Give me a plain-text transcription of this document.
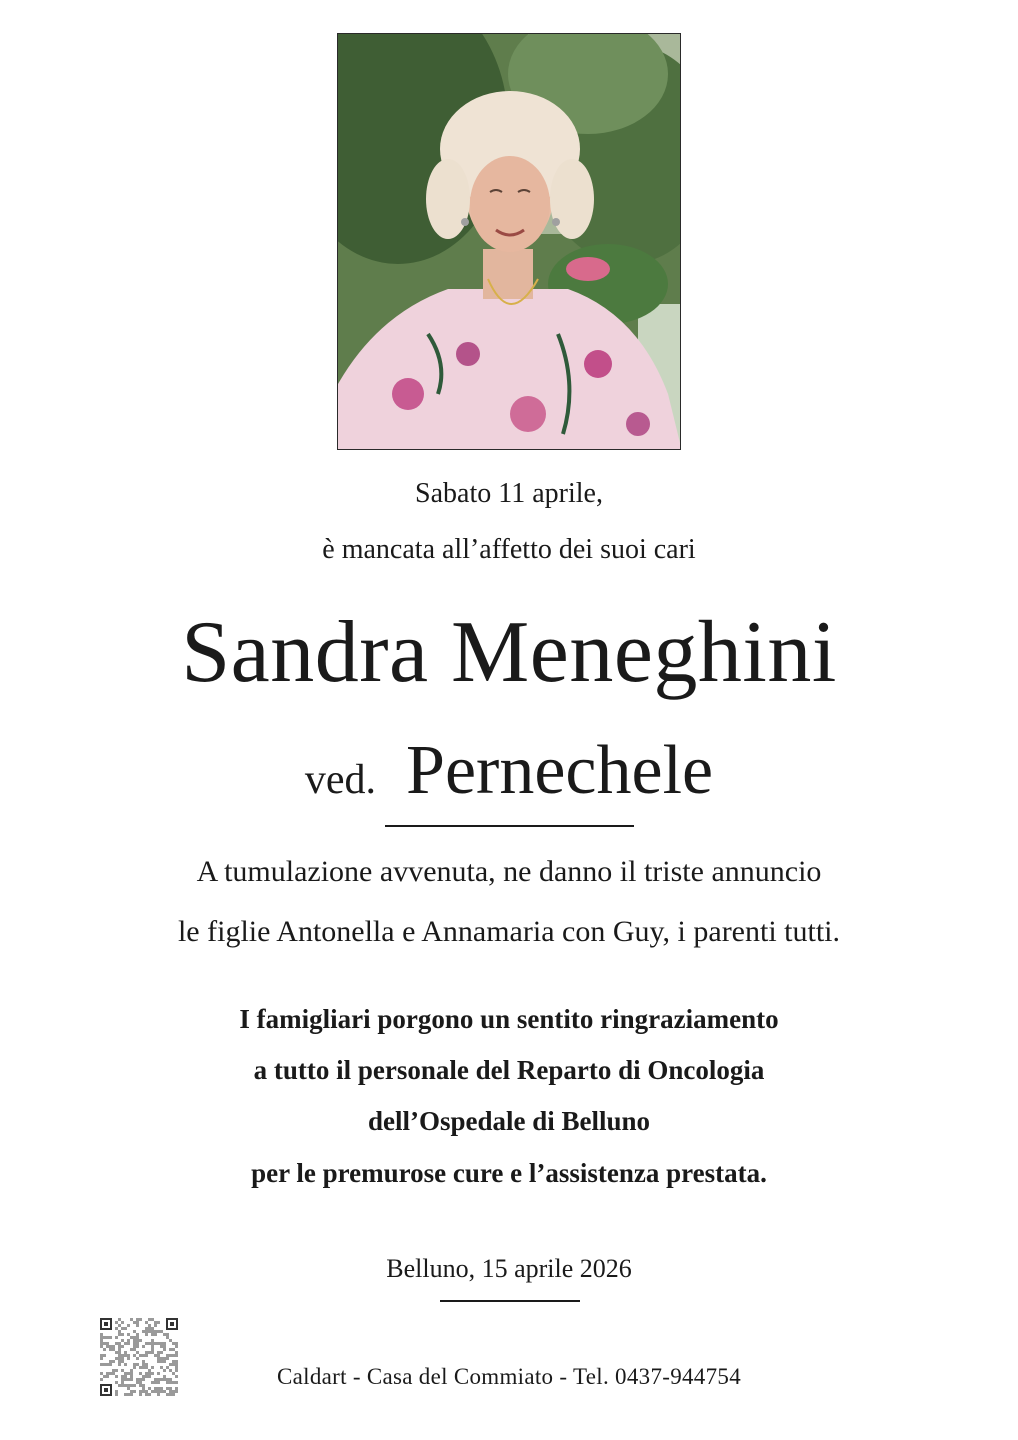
Sabato 11 aprile,
è mancata all’affetto dei suoi cari
Sandra Meneghini
ved. Pernechele
A tumulazione avvenuta, ne danno il triste annuncio
le figlie Antonella e Annamaria con Guy, i parenti tutti.
I famigliari porgono un sentito ringraziamento
a tutto il personale del Reparto di Oncologia
dell’Ospedale di Belluno
per le premurose cure e l’assistenza prestata.
Belluno, 15 aprile 2026
Caldart - Casa del Commiato - Tel. 0437-944754
